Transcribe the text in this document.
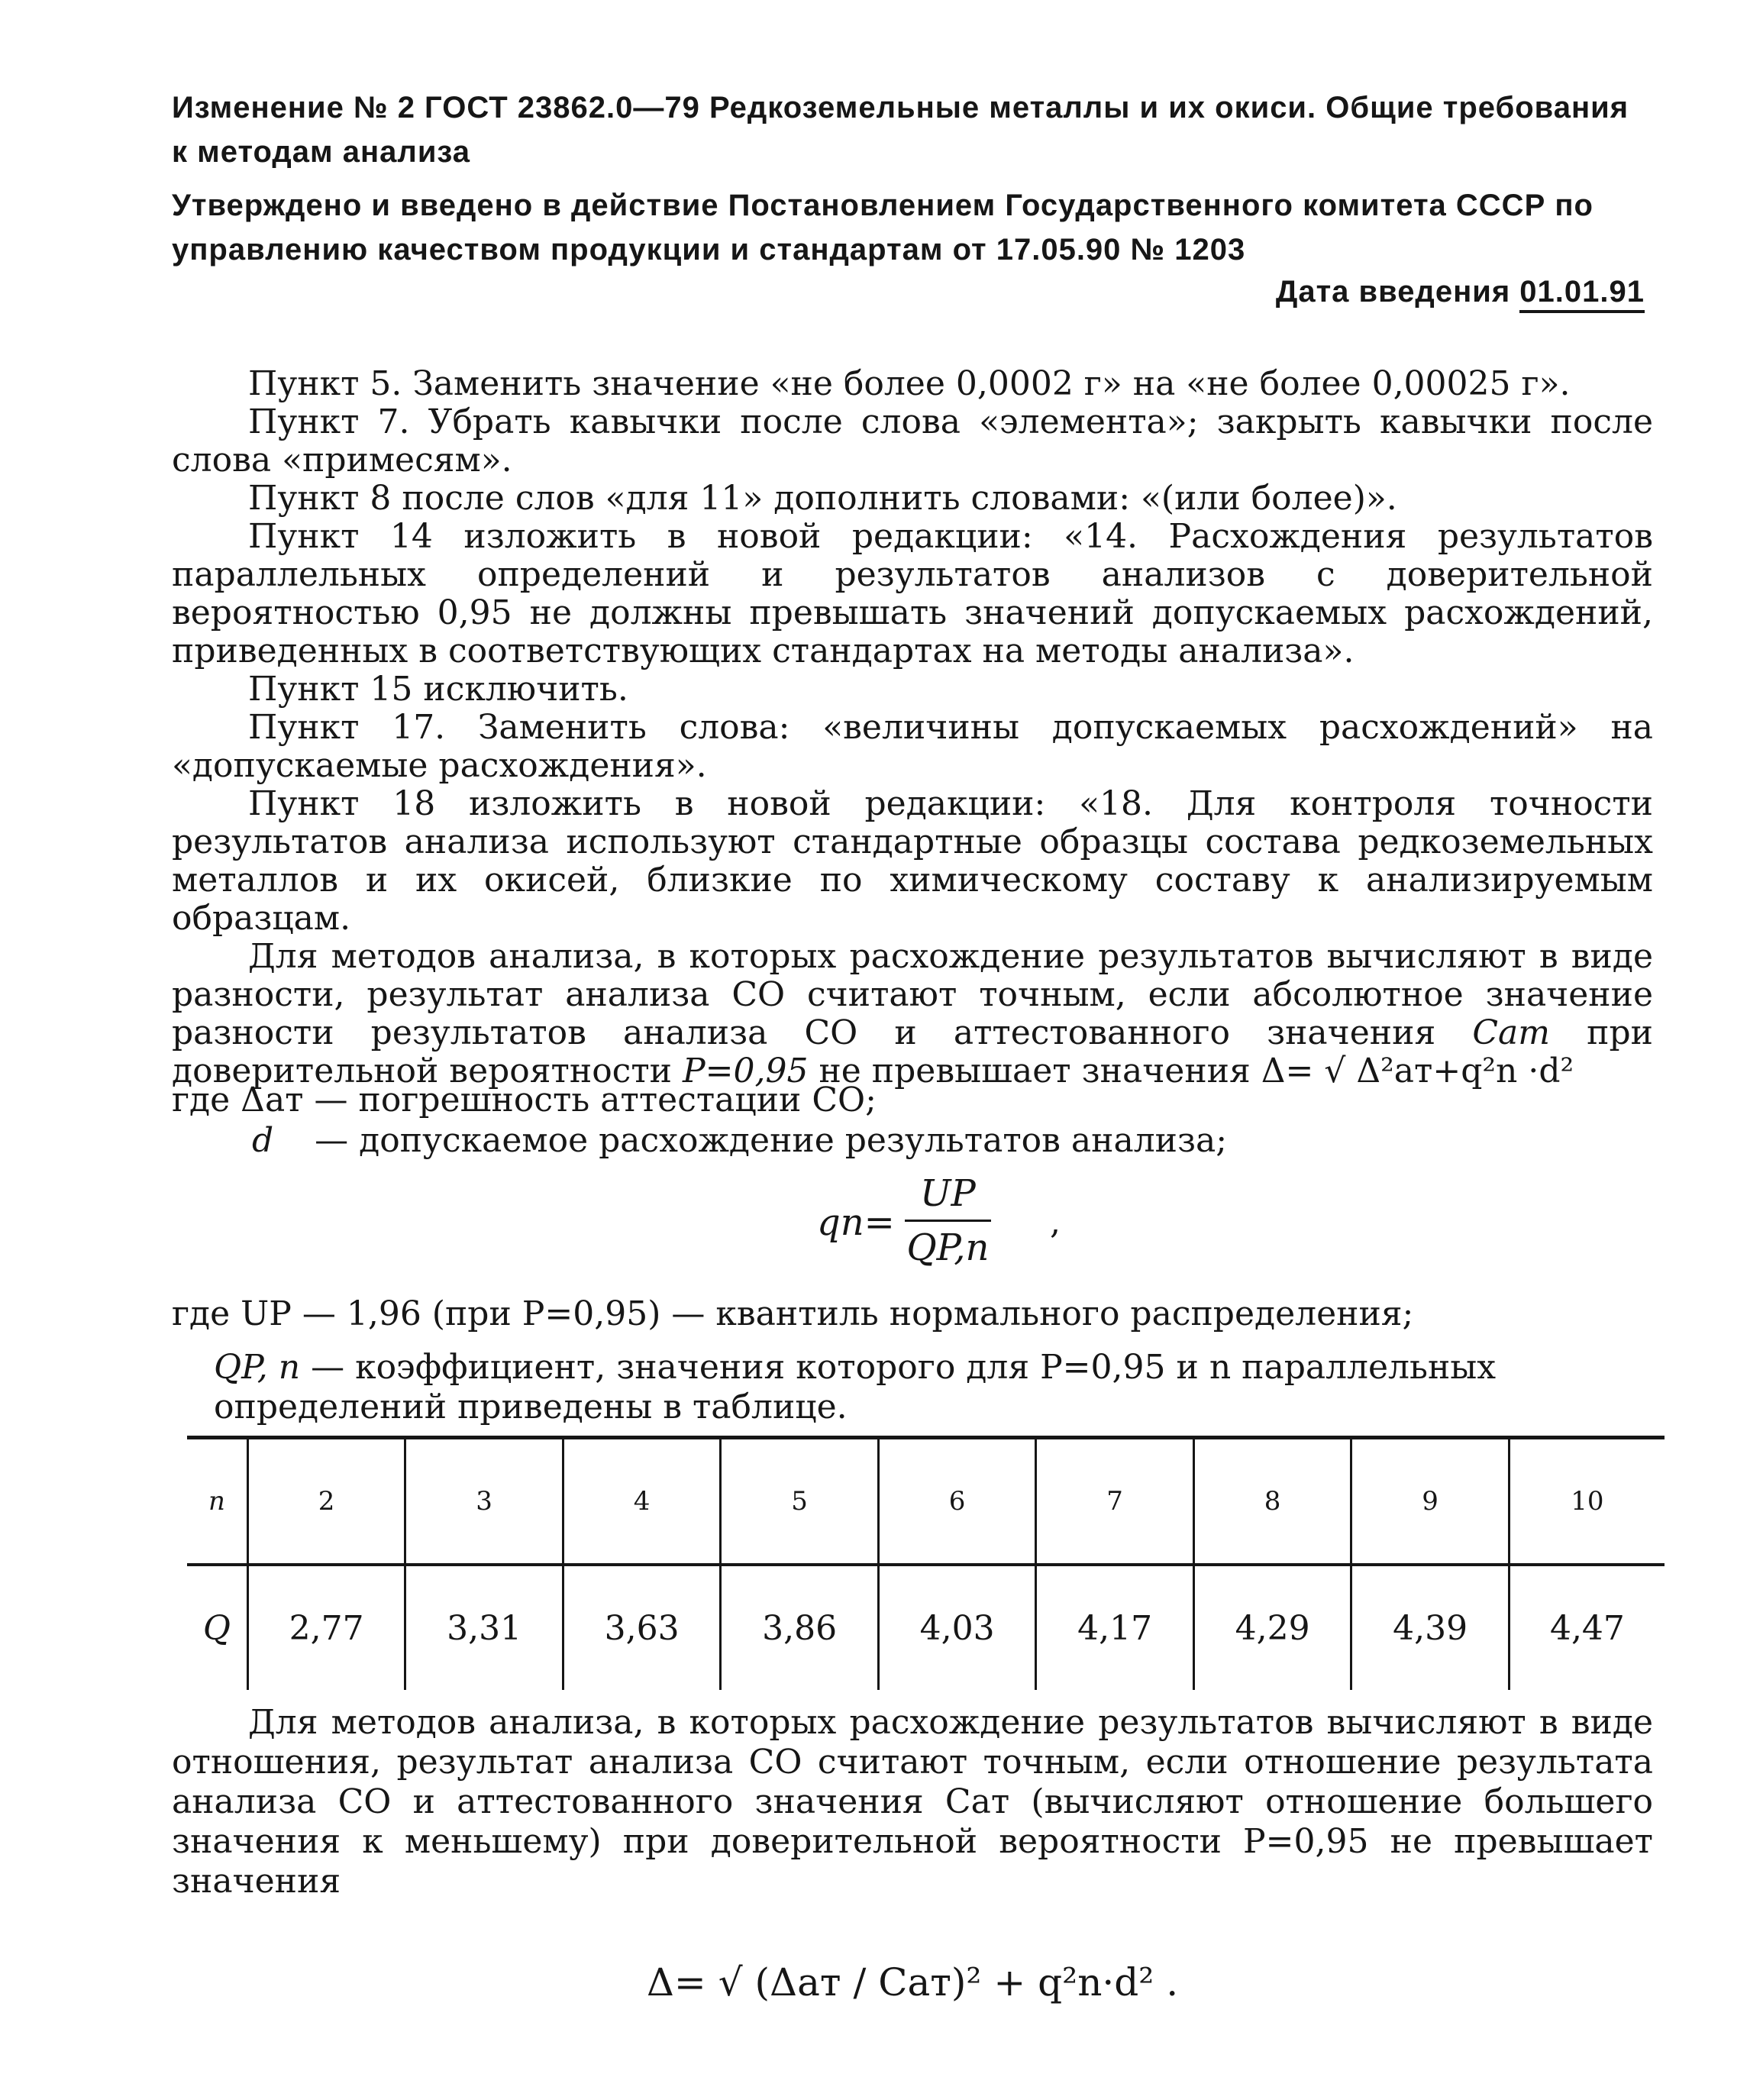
Изменение № 2 ГОСТ 23862.0—79 Редкоземельные металлы и их окиси. Общие требования к методам анализа

Утверждено и введено в действие Постановлением Государственного комитета СССР по управлению качеством продукции и стандартам от 17.05.90 № 1203

Дата введения 01.01.91

Пункт 5. Заменить значение «не более 0,0002 г» на «не более 0,00025 г».

Пункт 7. Убрать кавычки после слова «элемента»; закрыть кавычки после слова «примесям».

Пункт 8 после слов «для 11» дополнить словами: «(или более)».

Пункт 14 изложить в новой редакции: «14. Расхождения результатов параллельных определений и результатов анализов с доверительной вероятностью 0,95 не должны превышать значений допускаемых расхождений, приведенных в соответствующих стандартах на методы анализа».

Пункт 15 исключить.

Пункт 17. Заменить слова: «величины допускаемых расхождений» на «допускаемые расхождения».

Пункт 18 изложить в новой редакции: «18. Для контроля точности результатов анализа используют стандартные образцы состава редкоземельных металлов и их окисей, близкие по химическому составу к анализируемым образцам.

Для методов анализа, в которых расхождение результатов вычисляют в виде разности, результат анализа СО считают точным, если абсолютное значение разности результатов анализа СО и аттестованного значения Cат при доверительной вероятности P=0,95 не превышает значения Δ= √ Δ²ат+q²n ·d²

где Δат — погрешность аттестации СО;
d — допускаемое расхождение результатов анализа;
$qn= \frac{UP}{QP,n}$ ,
где UP — 1,96 (при P=0,95) — квантиль нормального распределения;
QP, n — коэффициент, значения которого для P=0,95 и n параллельных определений приведены в таблице.
n	2	3	4	5	6	7	8	9	10
Q	2,77	3,31	3,63	3,86	4,03	4,17	4,29	4,39	4,47

Для методов анализа, в которых расхождение результатов вычисляют в виде отношения, результат анализа СО считают точным, если отношение результата анализа СО и аттестованного значения Cат (вычисляют отношение большего значения к меньшему) при доверительной вероятности P=0,95 не превышает значения

Δ= √ (Δат / Cат)² + q²n·d² .
